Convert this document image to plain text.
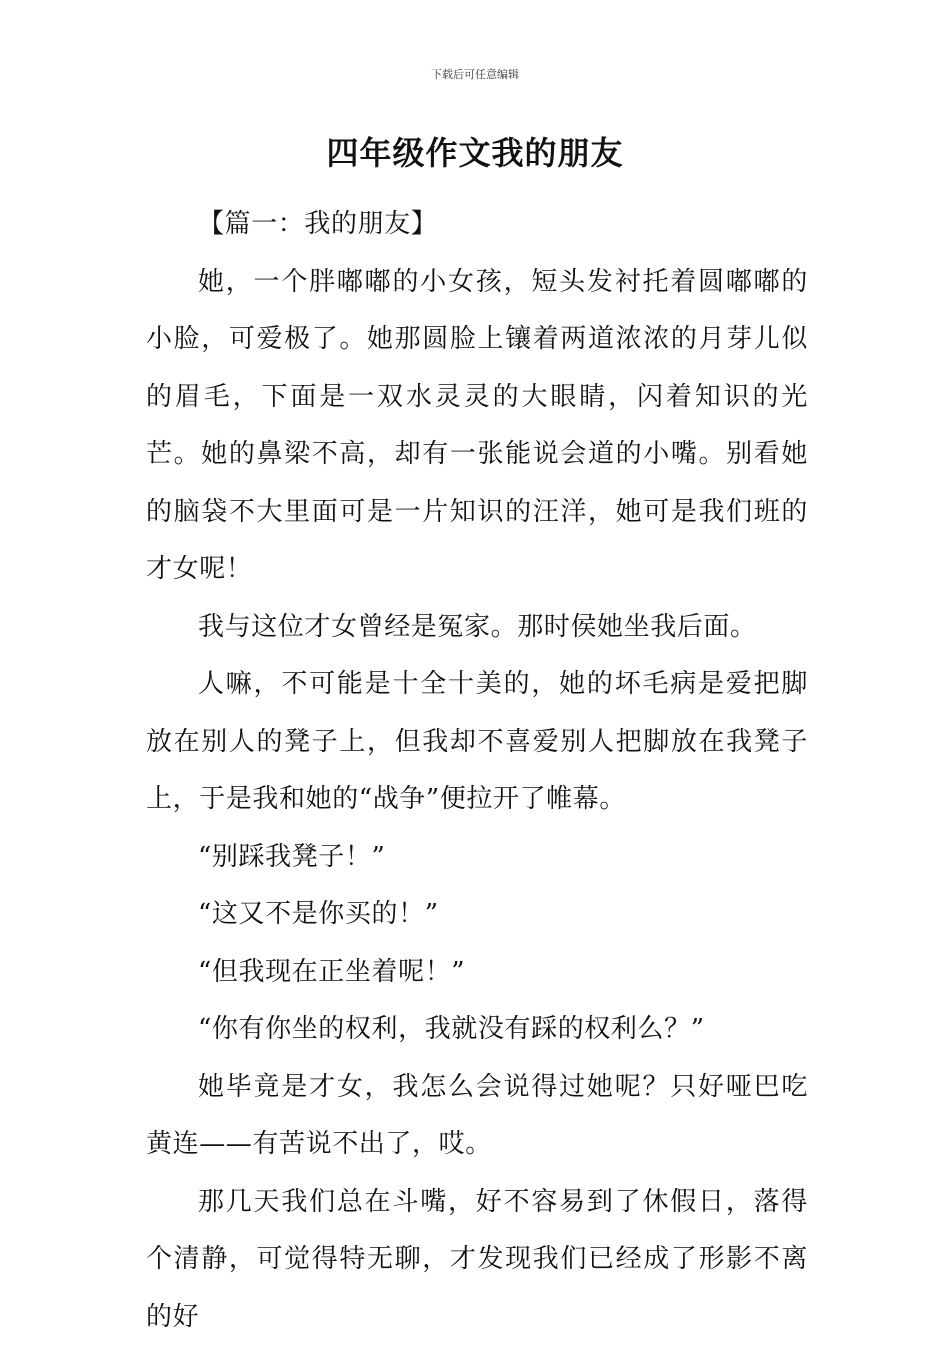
下载后可任意编辑
四年级作文我的朋友

【篇一：我的朋友】

她，一个胖嘟嘟的小女孩，短头发衬托着圆嘟嘟的小脸，可爱极了。她那圆脸上镶着两道浓浓的月芽儿似的眉毛，下面是一双水灵灵的大眼睛，闪着知识的光芒。她的鼻梁不高，却有一张能说会道的小嘴。别看她的脑袋不大里面可是一片知识的汪洋，她可是我们班的才女呢！

我与这位才女曾经是冤家。那时侯她坐我后面。

人嘛，不可能是十全十美的，她的坏毛病是爱把脚放在别人的凳子上，但我却不喜爱别人把脚放在我凳子上，于是我和她的“战争”便拉开了帷幕。

“别踩我凳子！”

“这又不是你买的！”

“但我现在正坐着呢！”

“你有你坐的权利，我就没有踩的权利么？”

她毕竟是才女，我怎么会说得过她呢？只好哑巴吃黄连——有苦说不出了，哎。

那几天我们总在斗嘴，好不容易到了休假日，落得个清静，可觉得特无聊，才发现我们已经成了形影不离的好
